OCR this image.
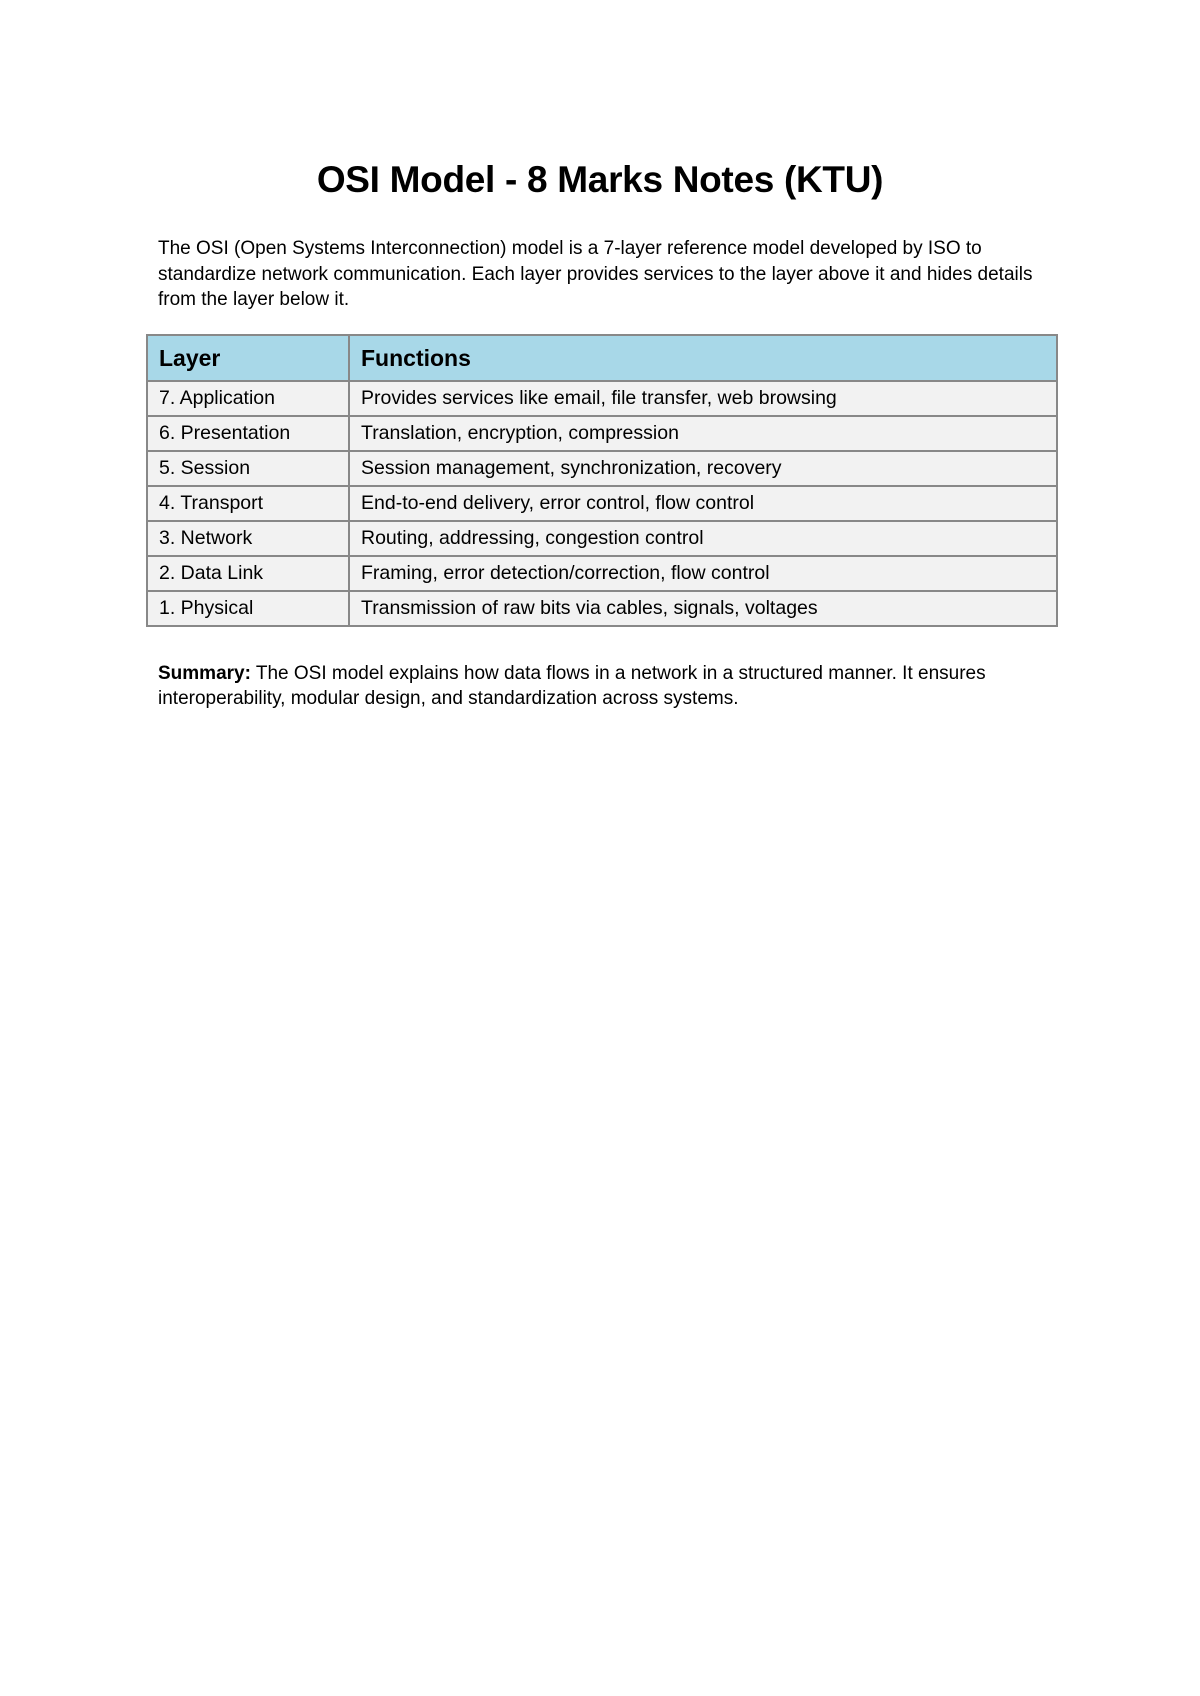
OSI Model - 8 Marks Notes (KTU)

The OSI (Open Systems Interconnection) model is a 7-layer reference model developed by ISO to standardize network communication. Each layer provides services to the layer above it and hides details from the layer below it.

Layer	Functions
7. Application	Provides services like email, file transfer, web browsing
6. Presentation	Translation, encryption, compression
5. Session	Session management, synchronization, recovery
4. Transport	End-to-end delivery, error control, flow control
3. Network	Routing, addressing, congestion control
2. Data Link	Framing, error detection/correction, flow control
1. Physical	Transmission of raw bits via cables, signals, voltages

Summary: The OSI model explains how data flows in a network in a structured manner. It ensures interoperability, modular design, and standardization across systems.
